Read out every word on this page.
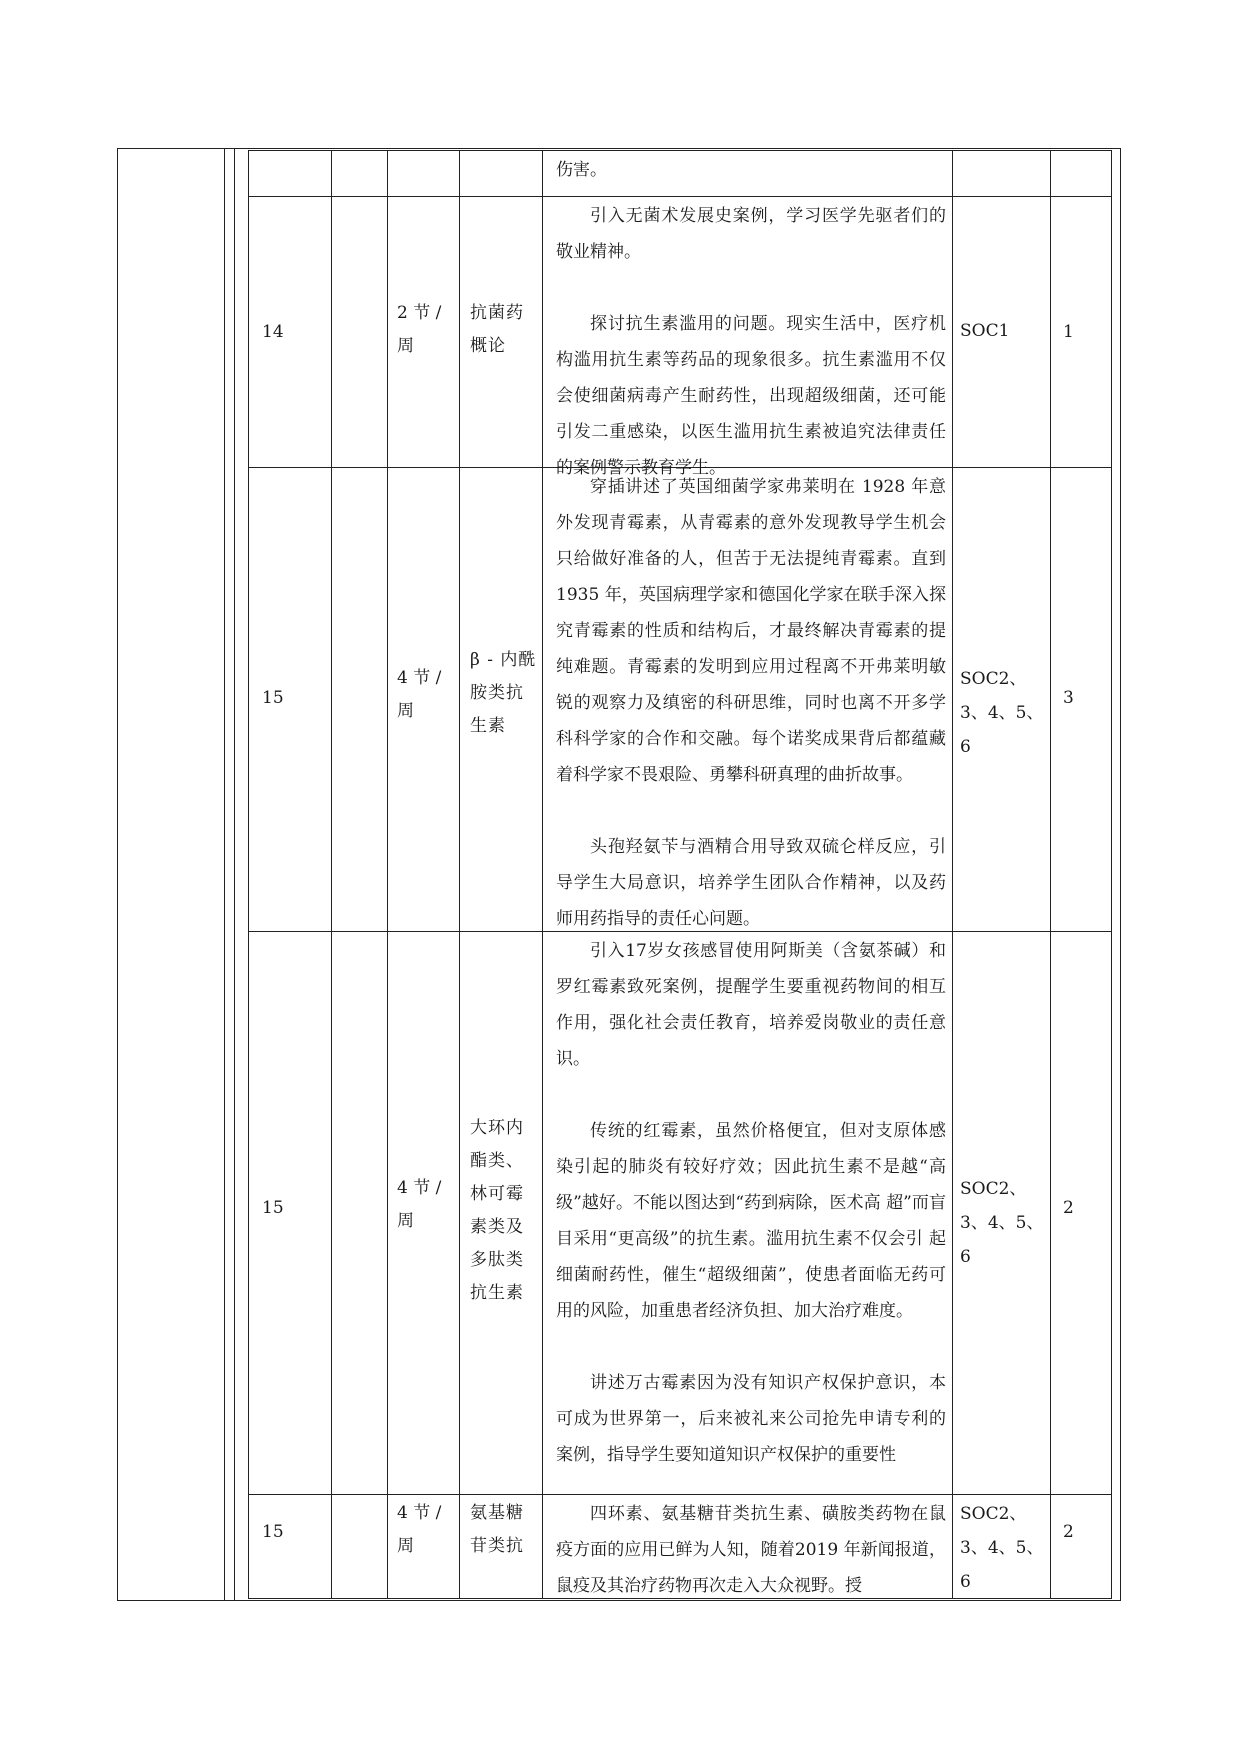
伤害。

14
2 节 / 周
抗菌药概论

引入无菌术发展史案例，学习医学先驱者们的敬业精神。

探讨抗生素滥用的问题。现实生活中，医疗机构滥用抗生素等药品的现象很多。抗生素滥用不仅会使细菌病毒产生耐药性，出现超级细菌，还可能引发二重感染，以医生滥用抗生素被追究法律责任的案例警示教育学生。

SOC1	1
15
4 节 / 周
β - 内酰胺类抗生素

穿插讲述了英国细菌学家弗莱明在 1928 年意外发现青霉素，从青霉素的意外发现教导学生机会只给做好准备的人，但苦于无法提纯青霉素。直到 1935 年，英国病理学家和德国化学家在联手深入探究青霉素的性质和结构后，才最终解决青霉素的提纯难题。青霉素的发明到应用过程离不开弗莱明敏锐的观察力及缜密的科研思维，同时也离不开多学科科学家的合作和交融。每个诺奖成果背后都蕴藏着科学家不畏艰险、勇攀科研真理的曲折故事。

头孢羟氨苄与酒精合用导致双硫仑样反应，引导学生大局意识，培养学生团队合作精神，以及药师用药指导的责任心问题。

SOC2、3、4、5、6
3
15
4 节 / 周
大环内酯类、林可霉素类及多肽类抗生素

引入17岁女孩感冒使用阿斯美（含氨茶碱）和罗红霉素致死案例，提醒学生要重视药物间的相互作用，强化社会责任教育，培养爱岗敬业的责任意识。

传统的红霉素，虽然价格便宜，但对支原体感染引起的肺炎有较好疗效；因此抗生素不是越“高级”越好。不能以图达到“药到病除，医术高 超”而盲目采用“更高级”的抗生素。滥用抗生素不仅会引 起细菌耐药性，催生“超级细菌”，使患者面临无药可用的风险，加重患者经济负担、加大治疗难度。

讲述万古霉素因为没有知识产权保护意识，本可成为世界第一，后来被礼来公司抢先申请专利的案例，指导学生要知道知识产权保护的重要性

SOC2、3、4、5、6
2
15
4 节 / 周
氨基糖苷类抗

四环素、氨基糖苷类抗生素、磺胺类药物在鼠疫方面的应用已鲜为人知，随着2019 年新闻报道，鼠疫及其治疗药物再次走入大众视野。授

SOC2、3、4、5、6
2
